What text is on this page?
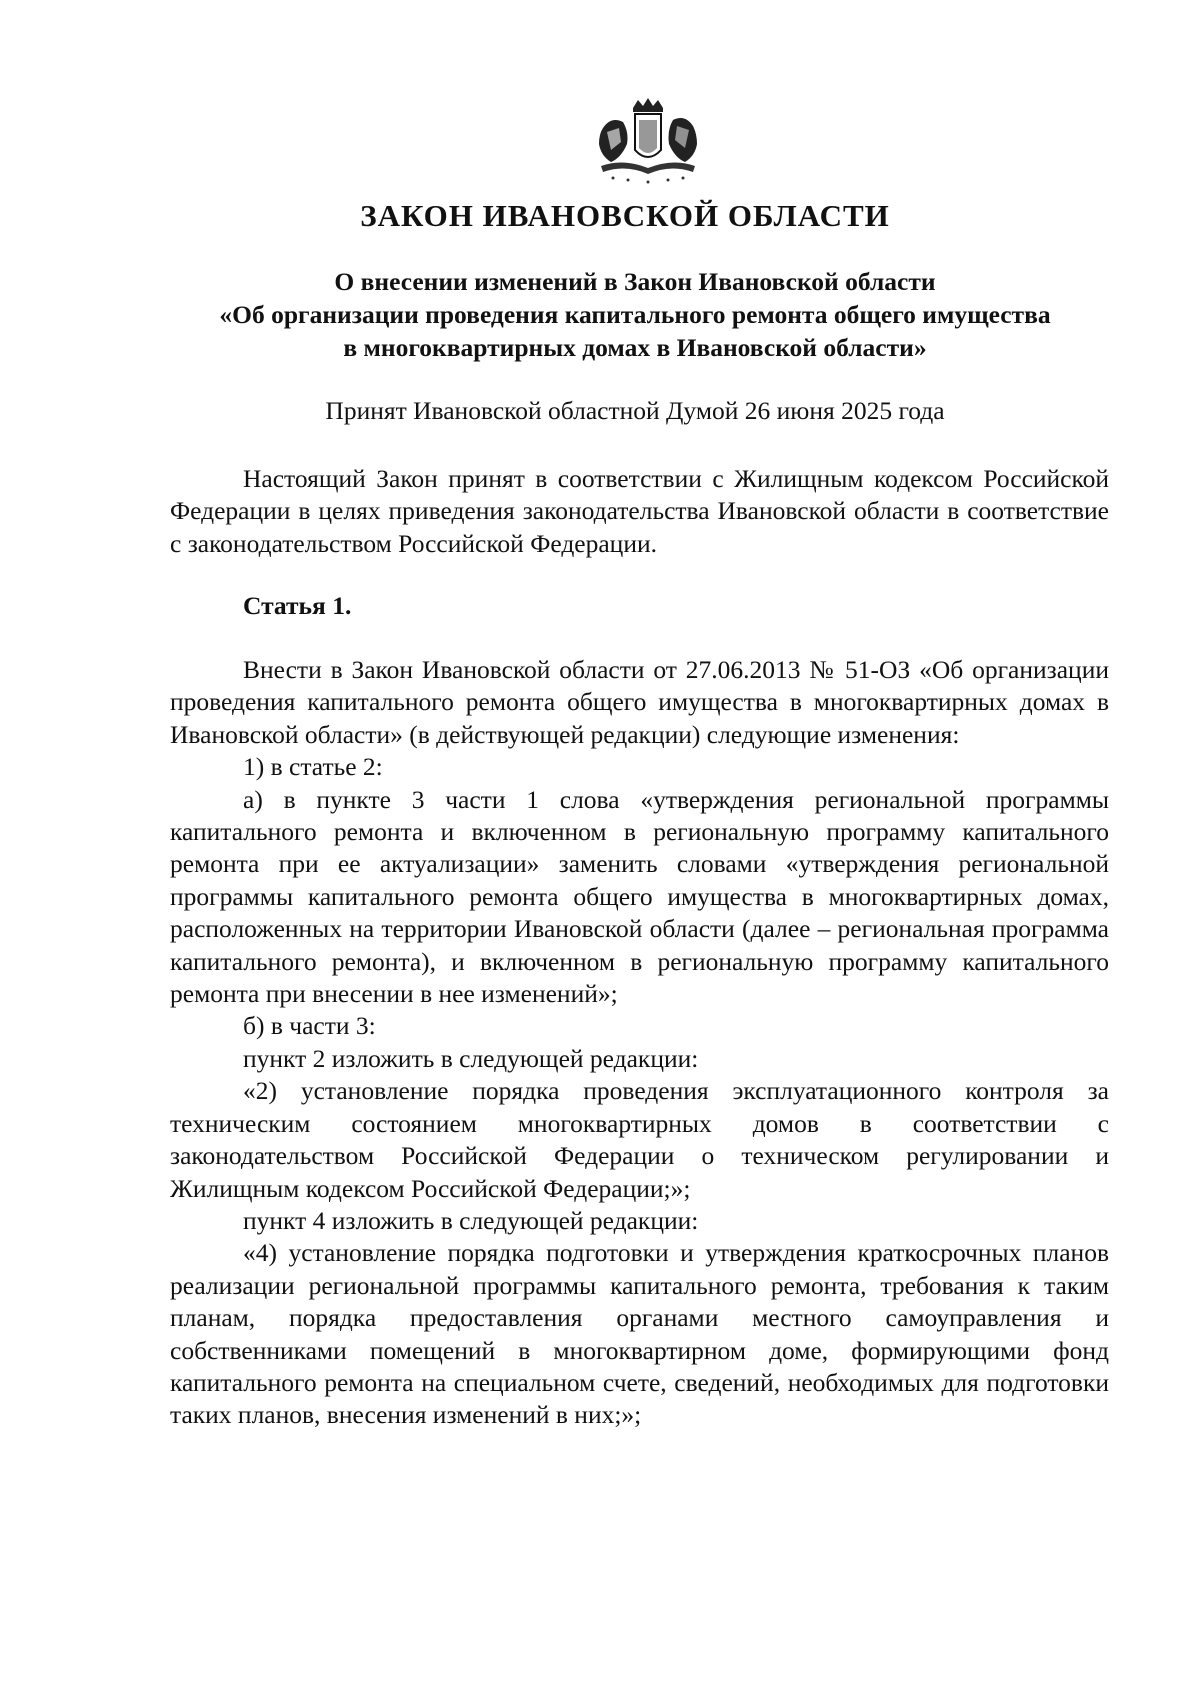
ЗАКОН ИВАНОВСКОЙ ОБЛАСТИ
О внесении изменений в Закон Ивановской области
«Об организации проведения капитального ремонта общего имущества
в многоквартирных домах в Ивановской области»
Принят Ивановской областной Думой 26 июня 2025 года
Настоящий Закон принят в соответствии с Жилищным кодексом Российской Федерации в целях приведения законодательства Ивановской области в соответствие с законодательством Российской Федерации.
Статья 1.

Внести в Закон Ивановской области от 27.06.2013 № 51-ОЗ «Об организации проведения капитального ремонта общего имущества в многоквартирных домах в Ивановской области» (в действующей редакции) следующие изменения:

1) в статье 2:

а) в пункте 3 части 1 слова «утверждения региональной программы капитального ремонта и включенном в региональную программу капитального ремонта при ее актуализации» заменить словами «утверждения региональной программы капитального ремонта общего имущества в многоквартирных домах, расположенных на территории Ивановской области (далее – региональная программа капитального ремонта), и включенном в региональную программу капитального ремонта при внесении в нее изменений»;

б) в части 3:

пункт 2 изложить в следующей редакции:

«2) установление порядка проведения эксплуатационного контроля за техническим состоянием многоквартирных домов в соответствии с законодательством Российской Федерации о техническом регулировании и Жилищным кодексом Российской Федерации;»;

пункт 4 изложить в следующей редакции:

«4) установление порядка подготовки и утверждения краткосрочных планов реализации региональной программы капитального ремонта, требования к таким планам, порядка предоставления органами местного самоуправления и собственниками помещений в многоквартирном доме, формирующими фонд капитального ремонта на специальном счете, сведений, необходимых для подготовки таких планов, внесения изменений в них;»;
